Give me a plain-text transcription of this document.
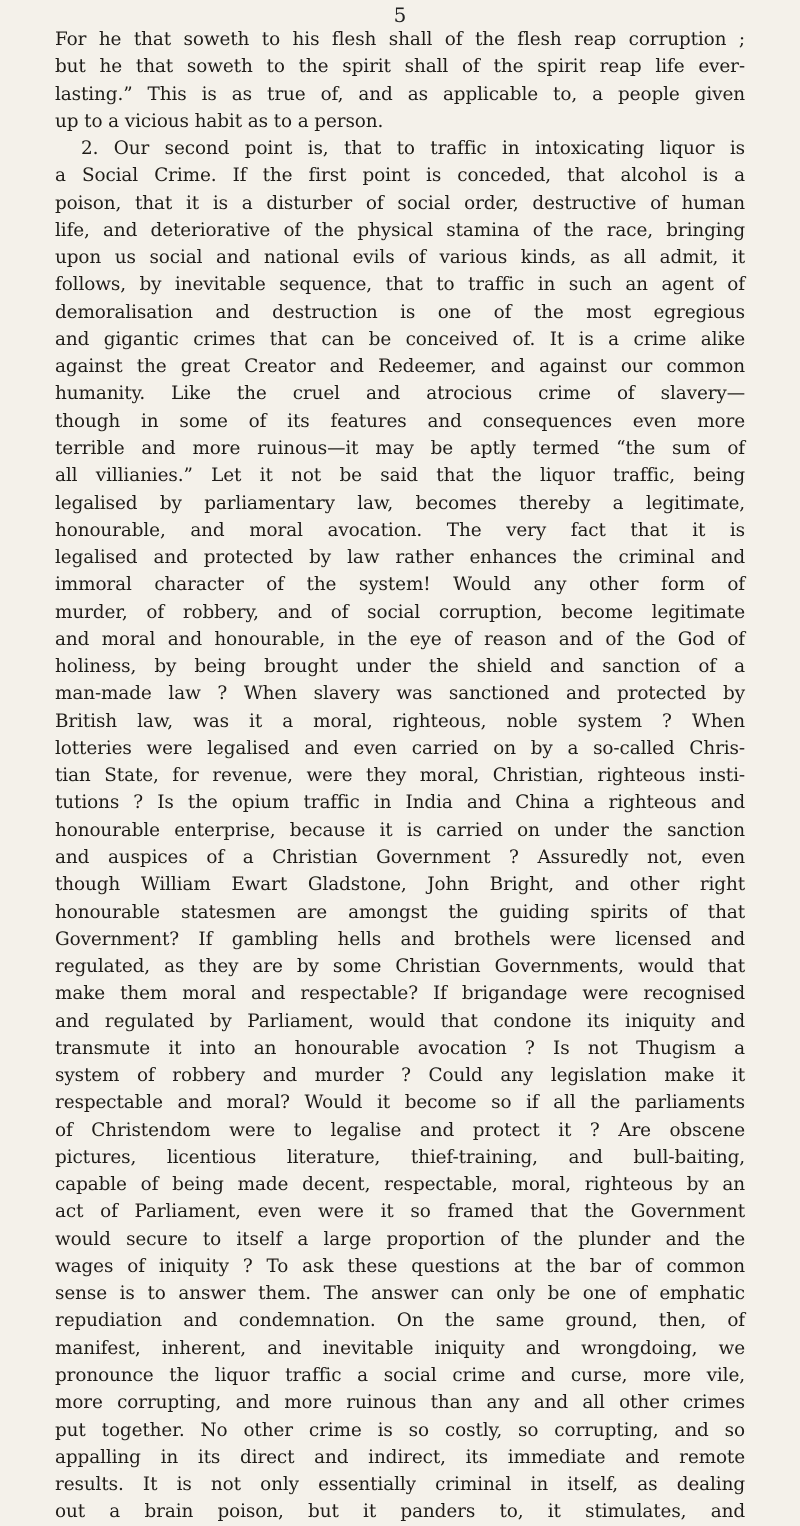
5
For he that soweth to his flesh shall of the flesh reap corruption ;
but he that soweth to the spirit shall of the spirit reap life ever-
lasting.” This is as true of, and as applicable to, a people given
up to a vicious habit as to a person.
2. Our second point is, that to traffic in intoxicating liquor is
a Social Crime. If the first point is conceded, that alcohol is a
poison, that it is a disturber of social order, destructive of human
life, and deteriorative of the physical stamina of the race, bringing
upon us social and national evils of various kinds, as all admit, it
follows, by inevitable sequence, that to traffic in such an agent of
demoralisation and destruction is one of the most egregious
and gigantic crimes that can be conceived of. It is a crime alike
against the great Creator and Redeemer, and against our common
humanity. Like the cruel and atrocious crime of slavery—
though in some of its features and consequences even more
terrible and more ruinous—it may be aptly termed “the sum of
all villianies.” Let it not be said that the liquor traffic, being
legalised by parliamentary law, becomes thereby a legitimate,
honourable, and moral avocation. The very fact that it is
legalised and protected by law rather enhances the criminal and
immoral character of the system! Would any other form of
murder, of robbery, and of social corruption, become legitimate
and moral and honourable, in the eye of reason and of the God of
holiness, by being brought under the shield and sanction of a
man-made law ? When slavery was sanctioned and protected by
British law, was it a moral, righteous, noble system ? When
lotteries were legalised and even carried on by a so-called Chris-
tian State, for revenue, were they moral, Christian, righteous insti-
tutions ? Is the opium traffic in India and China a righteous and
honourable enterprise, because it is carried on under the sanction
and auspices of a Christian Government ? Assuredly not, even
though William Ewart Gladstone, John Bright, and other right
honourable statesmen are amongst the guiding spirits of that
Government? If gambling hells and brothels were licensed and
regulated, as they are by some Christian Governments, would that
make them moral and respectable? If brigandage were recognised
and regulated by Parliament, would that condone its iniquity and
transmute it into an honourable avocation ? Is not Thugism a
system of robbery and murder ? Could any legislation make it
respectable and moral? Would it become so if all the parliaments
of Christendom were to legalise and protect it ? Are obscene
pictures, licentious literature, thief-training, and bull-baiting,
capable of being made decent, respectable, moral, righteous by an
act of Parliament, even were it so framed that the Government
would secure to itself a large proportion of the plunder and the
wages of iniquity ? To ask these questions at the bar of common
sense is to answer them. The answer can only be one of emphatic
repudiation and condemnation. On the same ground, then, of
manifest, inherent, and inevitable iniquity and wrongdoing, we
pronounce the liquor traffic a social crime and curse, more vile,
more corrupting, and more ruinous than any and all other crimes
put together. No other crime is so costly, so corrupting, and so
appalling in its direct and indirect, its immediate and remote
results. It is not only essentially criminal in itself, as dealing
out a brain poison, but it panders to, it stimulates, and
